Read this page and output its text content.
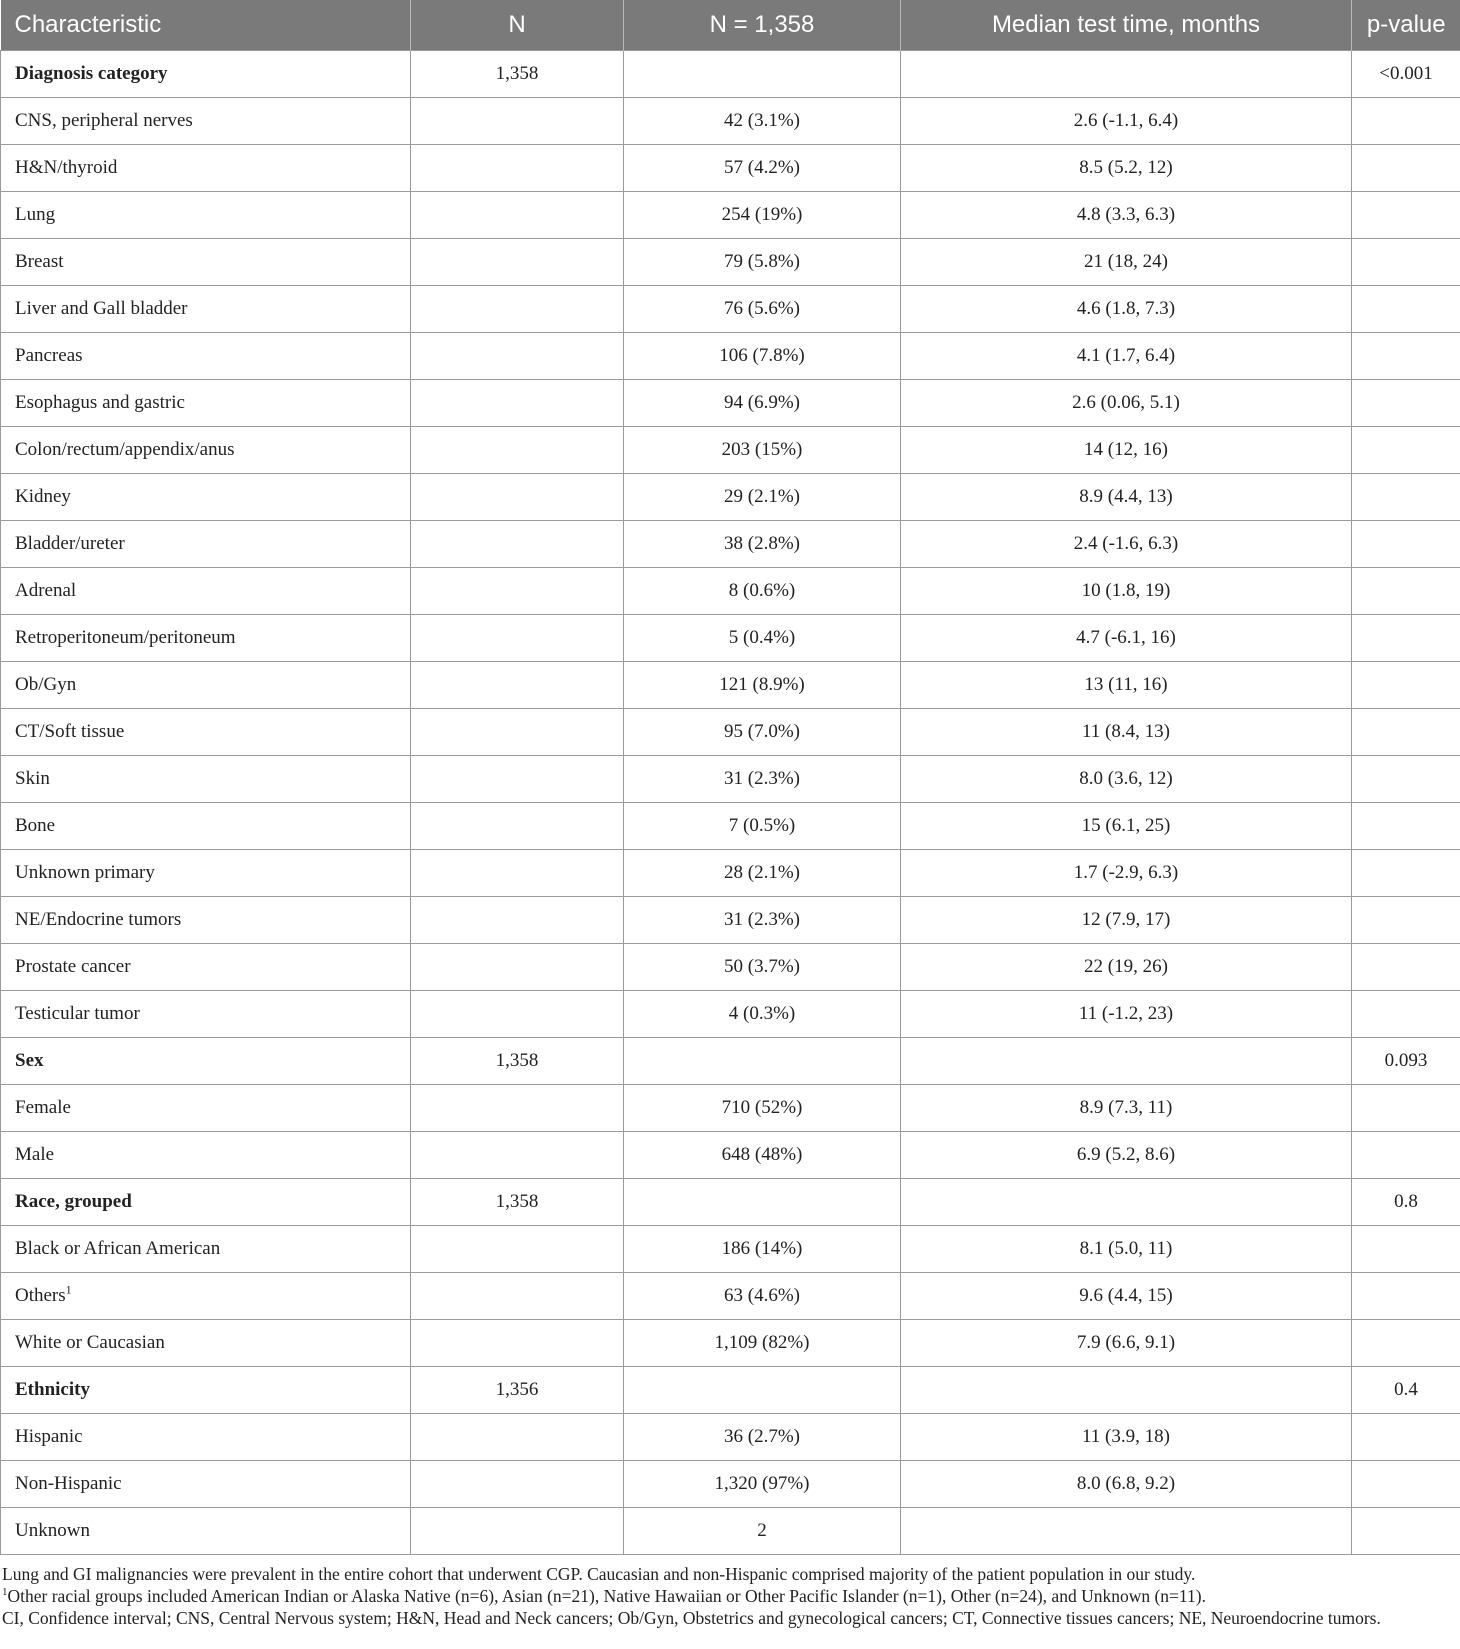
Characteristic	N	N = 1,358	Median test time, months	p-value
Diagnosis category	1,358			<0.001
CNS, peripheral nerves		42 (3.1%)	2.6 (-1.1, 6.4)	
H&N/thyroid		57 (4.2%)	8.5 (5.2, 12)	
Lung		254 (19%)	4.8 (3.3, 6.3)	
Breast		79 (5.8%)	21 (18, 24)	
Liver and Gall bladder		76 (5.6%)	4.6 (1.8, 7.3)	
Pancreas		106 (7.8%)	4.1 (1.7, 6.4)	
Esophagus and gastric		94 (6.9%)	2.6 (0.06, 5.1)	
Colon/rectum/appendix/anus		203 (15%)	14 (12, 16)	
Kidney		29 (2.1%)	8.9 (4.4, 13)	
Bladder/ureter		38 (2.8%)	2.4 (-1.6, 6.3)	
Adrenal		8 (0.6%)	10 (1.8, 19)	
Retroperitoneum/peritoneum		5 (0.4%)	4.7 (-6.1, 16)	
Ob/Gyn		121 (8.9%)	13 (11, 16)	
CT/Soft tissue		95 (7.0%)	11 (8.4, 13)	
Skin		31 (2.3%)	8.0 (3.6, 12)	
Bone		7 (0.5%)	15 (6.1, 25)	
Unknown primary		28 (2.1%)	1.7 (-2.9, 6.3)	
NE/Endocrine tumors		31 (2.3%)	12 (7.9, 17)	
Prostate cancer		50 (3.7%)	22 (19, 26)	
Testicular tumor		4 (0.3%)	11 (-1.2, 23)	
Sex	1,358			0.093
Female		710 (52%)	8.9 (7.3, 11)	
Male		648 (48%)	6.9 (5.2, 8.6)	
Race, grouped	1,358			0.8
Black or African American		186 (14%)	8.1 (5.0, 11)	
Others$^1$		63 (4.6%)	9.6 (4.4, 15)	
White or Caucasian		1,109 (82%)	7.9 (6.6, 9.1)	
Ethnicity	1,356			0.4
Hispanic		36 (2.7%)	11 (3.9, 18)	
Non-Hispanic		1,320 (97%)	8.0 (6.8, 9.2)	
Unknown		2		
Lung and GI malignancies were prevalent in the entire cohort that underwent CGP. Caucasian and non-Hispanic comprised majority of the patient population in our study.
$^1$Other racial groups included American Indian or Alaska Native (n=6), Asian (n=21), Native Hawaiian or Other Pacific Islander (n=1), Other (n=24), and Unknown (n=11).
CI, Confidence interval; CNS, Central Nervous system; H&N, Head and Neck cancers; Ob/Gyn, Obstetrics and gynecological cancers; CT, Connective tissues cancers; NE, Neuroendocrine tumors.
